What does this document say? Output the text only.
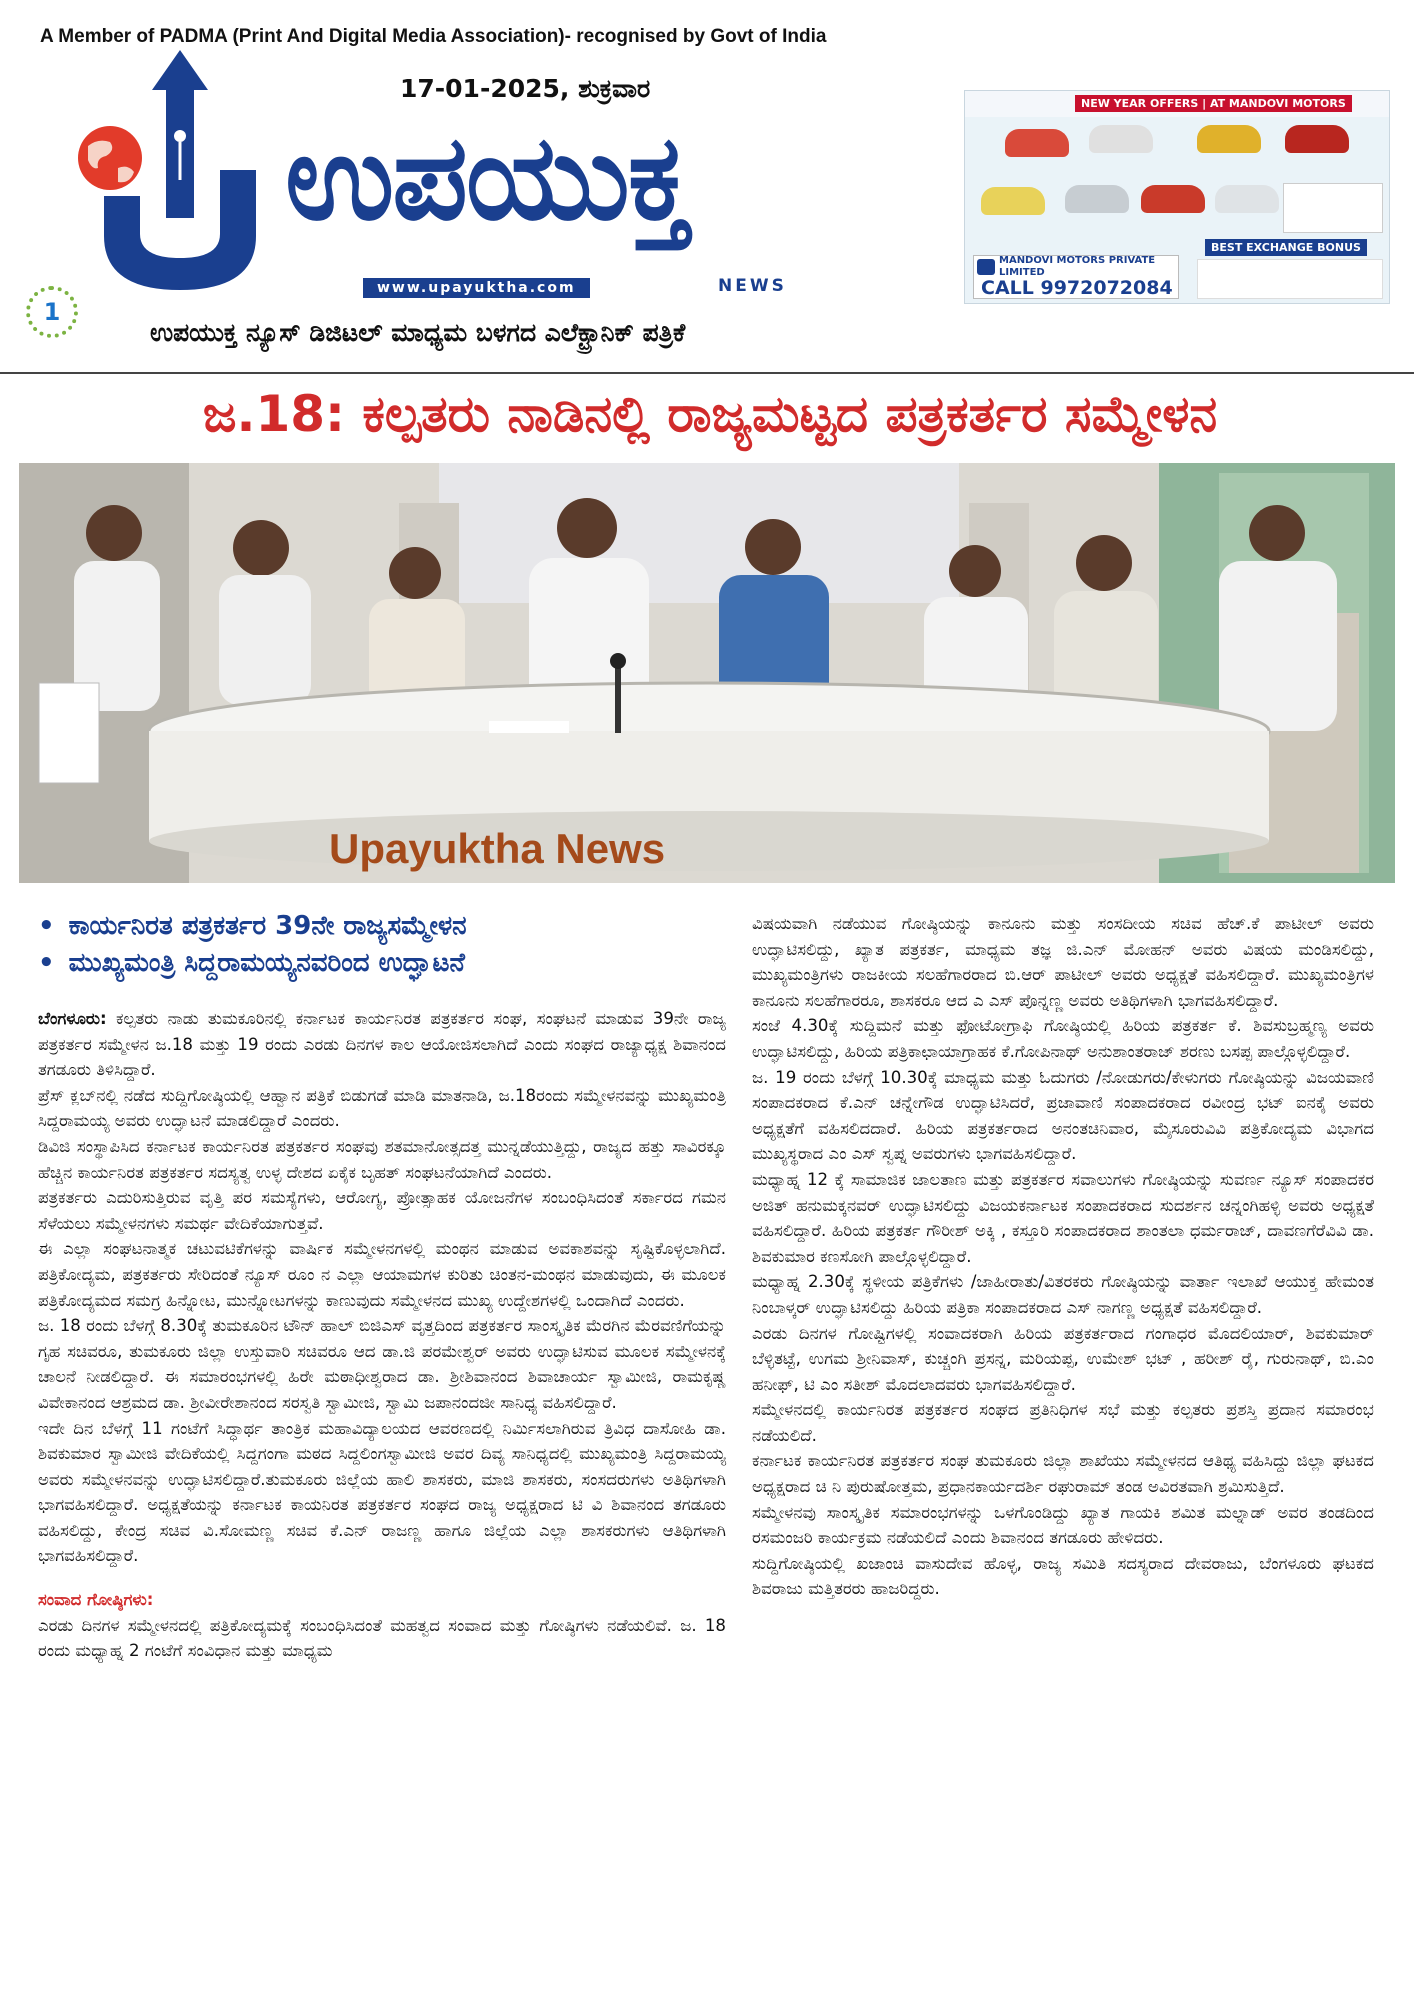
A Member of PADMA (Print And Digital Media Association)- recognised by Govt of India
17-01-2025, ಶುಕ್ರವಾರ
ಉಪಯುಕ್ತ
www.upayuktha.com	NEWS
1
ಉಪಯುಕ್ತ ನ್ಯೂಸ್ ಡಿಜಿಟಲ್ ಮಾಧ್ಯಮ ಬಳಗದ ಎಲೆಕ್ಟ್ರಾನಿಕ್ ಪತ್ರಿಕೆ
NEW YEAR OFFERS | AT MANDOVI MOTORS
MANDOVI MOTORS PRIVATE LIMITED
CALL 9972072084
BEST EXCHANGE BONUS
ಜ.18: ಕಲ್ಪತರು ನಾಡಿನಲ್ಲಿ ರಾಜ್ಯಮಟ್ಟದ ಪತ್ರಕರ್ತರ ಸಮ್ಮೇಳನ
Upayuktha News
• ಕಾರ್ಯನಿರತ ಪತ್ರಕರ್ತರ 39ನೇ ರಾಜ್ಯಸಮ್ಮೇಳನ
• ಮುಖ್ಯಮಂತ್ರಿ ಸಿದ್ದರಾಮಯ್ಯನವರಿಂದ ಉದ್ಘಾಟನೆ

ಬೆಂಗಳೂರು: ಕಲ್ಪತರು ನಾಡು ತುಮಕೂರಿನಲ್ಲಿ ಕರ್ನಾಟಕ ಕಾರ್ಯನಿರತ ಪತ್ರಕರ್ತರ ಸಂಘ, ಸಂಘಟನೆ ಮಾಡುವ 39ನೇ ರಾಜ್ಯ ಪತ್ರಕರ್ತರ ಸಮ್ಮೇಳನ ಜ.18 ಮತ್ತು 19 ರಂದು ಎರಡು ದಿನಗಳ ಕಾಲ ಆಯೋಜಿಸಲಾಗಿದೆ ಎಂದು ಸಂಘದ ರಾಜ್ಯಾಧ್ಯಕ್ಷ ಶಿವಾನಂದ ತಗಡೂರು ತಿಳಿಸಿದ್ದಾರೆ.

ಪ್ರೆಸ್ ಕ್ಲಬ್‌ನಲ್ಲಿ ನಡೆದ ಸುದ್ದಿಗೋಷ್ಠಿಯಲ್ಲಿ ಆಹ್ವಾನ ಪತ್ರಿಕೆ ಬಿಡುಗಡೆ ಮಾಡಿ ಮಾತನಾಡಿ, ಜ.18ರಂದು ಸಮ್ಮೇಳನವನ್ನು ಮುಖ್ಯಮಂತ್ರಿ ಸಿದ್ದರಾಮಯ್ಯ ಅವರು ಉದ್ಘಾಟನೆ ಮಾಡಲಿದ್ದಾರೆ ಎಂದರು.

ಡಿವಿಜಿ ಸಂಸ್ಥಾಪಿಸಿದ ಕರ್ನಾಟಕ ಕಾರ್ಯನಿರತ ಪತ್ರಕರ್ತರ ಸಂಘವು ಶತಮಾನೋತ್ಸದತ್ತ ಮುನ್ನಡೆಯುತ್ತಿದ್ದು, ರಾಜ್ಯದ ಹತ್ತು ಸಾವಿರಕ್ಕೂ ಹೆಚ್ಚಿನ ಕಾರ್ಯನಿರತ ಪತ್ರಕರ್ತರ ಸದಸ್ಯತ್ವ ಉಳ್ಳ ದೇಶದ ಏಕೈಕ ಬೃಹತ್ ಸಂಘಟನೆಯಾಗಿದೆ ಎಂದರು.

ಪತ್ರಕರ್ತರು ಎದುರಿಸುತ್ತಿರುವ ವೃತ್ತಿ ಪರ ಸಮಸ್ಯೆಗಳು, ಆರೋಗ್ಯ, ಪ್ರೋತ್ಸಾಹಕ ಯೋಜನೆಗಳ ಸಂಬಂಧಿಸಿದಂತೆ ಸರ್ಕಾರದ ಗಮನ ಸೆಳೆಯಲು ಸಮ್ಮೇಳನಗಳು ಸಮರ್ಥ ವೇದಿಕೆಯಾಗುತ್ತವೆ.

ಈ ಎಲ್ಲಾ ಸಂಘಟನಾತ್ಮಕ ಚಟುವಟಿಕೆಗಳನ್ನು ವಾರ್ಷಿಕ ಸಮ್ಮೇಳನಗಳಲ್ಲಿ ಮಂಥನ ಮಾಡುವ ಅವಕಾಶವನ್ನು ಸೃಷ್ಟಿಕೊಳ್ಳಲಾಗಿದೆ. ಪತ್ರಿಕೋದ್ಯಮ, ಪತ್ರಕರ್ತರು ಸೇರಿದಂತೆ ನ್ಯೂಸ್ ರೂಂ ನ ಎಲ್ಲಾ ಆಯಾಮಗಳ ಕುರಿತು ಚಿಂತನ-ಮಂಥನ ಮಾಡುವುದು, ಈ ಮೂಲಕ ಪತ್ರಿಕೋದ್ಯಮದ ಸಮಗ್ರ ಹಿನ್ನೋಟ, ಮುನ್ನೋಟಗಳನ್ನು ಕಾಣುವುದು ಸಮ್ಮೇಳನದ ಮುಖ್ಯ ಉದ್ದೇಶಗಳಲ್ಲಿ ಒಂದಾಗಿದೆ ಎಂದರು.

ಜ. 18 ರಂದು ಬೆಳಗ್ಗೆ 8.30ಕ್ಕೆ ತುಮಕೂರಿನ ಟೌನ್ ಹಾಲ್ ಬಿಜಿಎಸ್ ವೃತ್ತದಿಂದ ಪತ್ರಕರ್ತರ ಸಾಂಸ್ಕೃತಿಕ ಮೆರಗಿನ ಮೆರವಣಿಗೆಯನ್ನು ಗೃಹ ಸಚಿವರೂ, ತುಮಕೂರು ಜಿಲ್ಲಾ ಉಸ್ತುವಾರಿ ಸಚಿವರೂ ಆದ ಡಾ.ಜಿ ಪರಮೇಶ್ವರ್ ಅವರು ಉದ್ಘಾಟಿಸುವ ಮೂಲಕ ಸಮ್ಮೇಳನಕ್ಕೆ ಚಾಲನೆ ನೀಡಲಿದ್ದಾರೆ. ಈ ಸಮಾರಂಭಗಳಲ್ಲಿ ಹಿರೇ ಮಠಾಧೀಶ್ವರಾದ ಡಾ. ಶ್ರೀಶಿವಾನಂದ ಶಿವಾಚಾರ್ಯ ಸ್ವಾಮೀಜಿ, ರಾಮಕೃಷ್ಣ ವಿವೇಕಾನಂದ ಆಶ್ರಮದ ಡಾ. ಶ್ರೀವೀರೇಶಾನಂದ ಸರಸ್ವತಿ ಸ್ವಾಮೀಜಿ, ಸ್ವಾಮಿ ಜಪಾನಂದಜೀ ಸಾನಿಧ್ಯ ವಹಿಸಲಿದ್ದಾರೆ.

ಇದೇ ದಿನ ಬೆಳಗ್ಗೆ 11 ಗಂಟೆಗೆ ಸಿದ್ಧಾರ್ಥ ತಾಂತ್ರಿಕ ಮಹಾವಿದ್ಯಾಲಯದ ಆವರಣದಲ್ಲಿ ನಿರ್ಮಿಸಲಾಗಿರುವ ತ್ರಿವಿಧ ದಾಸೋಹಿ ಡಾ. ಶಿವಕುಮಾರ ಸ್ವಾಮೀಜಿ ವೇದಿಕೆಯಲ್ಲಿ ಸಿದ್ದಗಂಗಾ ಮಠದ ಸಿದ್ದಲಿಂಗಸ್ವಾಮೀಜಿ ಅವರ ದಿವ್ಯ ಸಾನಿಧ್ಯದಲ್ಲಿ ಮುಖ್ಯಮಂತ್ರಿ ಸಿದ್ದರಾಮಯ್ಯ ಅವರು ಸಮ್ಮೇಳನವನ್ನು ಉದ್ಘಾಟಿಸಲಿದ್ದಾರೆ.ತುಮಕೂರು ಜಿಲ್ಲೆಯ ಹಾಲಿ ಶಾಸಕರು, ಮಾಜಿ ಶಾಸಕರು, ಸಂಸದರುಗಳು ಅತಿಥಿಗಳಾಗಿ ಭಾಗವಹಿಸಲಿದ್ದಾರೆ. ಅಧ್ಯಕ್ಷತೆಯನ್ನು ಕರ್ನಾಟಕ ಕಾಯನಿರತ ಪತ್ರಕರ್ತರ ಸಂಘದ ರಾಜ್ಯ ಅಧ್ಯಕ್ಷರಾದ ಟಿ ವಿ ಶಿವಾನಂದ ತಗಡೂರು ವಹಿಸಲಿದ್ದು, ಕೇಂದ್ರ ಸಚಿವ ವಿ.ಸೋಮಣ್ಣ ಸಚಿವ ಕೆ.ಎನ್ ರಾಜಣ್ಣ ಹಾಗೂ ಜಿಲ್ಲೆಯ ಎಲ್ಲಾ ಶಾಸಕರುಗಳು ಆತಿಥಿಗಳಾಗಿ ಭಾಗವಹಿಸಲಿದ್ದಾರೆ.

ಸಂವಾದ ಗೋಷ್ಠಿಗಳು:

ಎರಡು ದಿನಗಳ ಸಮ್ಮೇಳನದಲ್ಲಿ ಪತ್ರಿಕೋದ್ಯಮಕ್ಕೆ ಸಂಬಂಧಿಸಿದಂತೆ ಮಹತ್ವದ ಸಂವಾದ ಮತ್ತು ಗೋಷ್ಠಿಗಳು ನಡೆಯಲಿವೆ. ಜ. 18 ರಂದು ಮಧ್ಯಾಹ್ನ 2 ಗಂಟೆಗೆ ಸಂವಿಧಾನ ಮತ್ತು ಮಾಧ್ಯಮ

ವಿಷಯವಾಗಿ ನಡೆಯುವ ಗೋಷ್ಠಿಯನ್ನು ಕಾನೂನು ಮತ್ತು ಸಂಸದೀಯ ಸಚಿವ ಹೆಚ್.ಕೆ ಪಾಟೀಲ್ ಅವರು ಉದ್ಘಾಟಿಸಲಿದ್ದು, ಖ್ಯಾತ ಪತ್ರಕರ್ತ, ಮಾಧ್ಯಮ ತಜ್ಞ ಜಿ.ಎನ್ ಮೋಹನ್ ಅವರು ವಿಷಯ ಮಂಡಿಸಲಿದ್ದು, ಮುಖ್ಯಮಂತ್ರಿಗಳು ರಾಜಕೀಯ ಸಲಹೆಗಾರರಾದ ಬಿ.ಆರ್ ಪಾಟೀಲ್ ಅವರು ಅಧ್ಯಕ್ಷತೆ ವಹಿಸಲಿದ್ದಾರೆ. ಮುಖ್ಯಮಂತ್ರಿಗಳ ಕಾನೂನು ಸಲಹೆಗಾರರೂ, ಶಾಸಕರೂ ಆದ ಎ ಎಸ್ ಪೊನ್ನಣ್ಣ ಅವರು ಅತಿಥಿಗಳಾಗಿ ಭಾಗವಹಿಸಲಿದ್ದಾರೆ.

ಸಂಜೆ 4.30ಕ್ಕೆ ಸುದ್ದಿಮನೆ ಮತ್ತು ಫೋಟೋಗ್ರಾಫಿ ಗೋಷ್ಠಿಯಲ್ಲಿ ಹಿರಿಯ ಪತ್ರಕರ್ತ ಕೆ. ಶಿವಸುಬ್ರಹ್ಮಣ್ಯ ಅವರು ಉದ್ಘಾಟಿಸಲಿದ್ದು, ಹಿರಿಯ ಪತ್ರಿಕಾಛಾಯಾಗ್ರಾಹಕ ಕೆ.ಗೋಪಿನಾಥ್ ಅನುಶಾಂತರಾಜ್ ಶರಣು ಬಸಪ್ಪ ಪಾಲ್ಗೊಳ್ಳಲಿದ್ದಾರೆ.

ಜ. 19 ರಂದು ಬೆಳಗ್ಗೆ 10.30ಕ್ಕೆ ಮಾಧ್ಯಮ ಮತ್ತು ಓದುಗರು /ನೋಡುಗರು/ಕೇಳುಗರು ಗೋಷ್ಠಿಯನ್ನು ವಿಜಯವಾಣಿ ಸಂಪಾದಕರಾದ ಕೆ.ಎನ್ ಚನ್ನೇಗೌಡ ಉದ್ಘಾಟಿಸಿದರೆ, ಪ್ರಜಾವಾಣಿ ಸಂಪಾದಕರಾದ ರವೀಂದ್ರ ಭಟ್ ಐನಕೈ ಅವರು ಅಧ್ಯಕ್ಷತೆಗೆ ವಹಿಸಲಿದದಾರೆ. ಹಿರಿಯ ಪತ್ರಕರ್ತರಾದ ಅನಂತಚಿನಿವಾರ, ಮೈಸೂರುವಿವಿ ಪತ್ರಿಕೋದ್ಯಮ ವಿಭಾಗದ ಮುಖ್ಯಸ್ಥರಾದ ಎಂ ಎಸ್ ಸ್ವಪ್ನ ಅವರುಗಳು ಭಾಗವಹಿಸಲಿದ್ದಾರೆ.

ಮಧ್ಯಾಹ್ನ 12 ಕ್ಕೆ ಸಾಮಾಜಿಕ ಜಾಲತಾಣ ಮತ್ತು ಪತ್ರಕರ್ತರ ಸವಾಲುಗಳು ಗೋಷ್ಠಿಯನ್ನು ಸುವರ್ಣ ನ್ಯೂಸ್ ಸಂಪಾದಕರ ಅಜಿತ್ ಹನುಮಕ್ಕನವರ್ ಉದ್ಘಾಟಿಸಲಿದ್ದು ವಿಜಯಕರ್ನಾಟಕ ಸಂಪಾದಕರಾದ ಸುದರ್ಶನ ಚನ್ನಂಗಿಹಳ್ಳಿ ಅವರು ಅಧ್ಯಕ್ಷತೆ ವಹಿಸಲಿದ್ದಾರೆ. ಹಿರಿಯ ಪತ್ರಕರ್ತ ಗೌರೀಶ್ ಅಕ್ಕಿ , ಕಸ್ತೂರಿ ಸಂಪಾದಕರಾದ ಶಾಂತಲಾ ಧರ್ಮರಾಜ್, ದಾವಣಗೆರೆವಿವಿ ಡಾ. ಶಿವಕುಮಾರ ಕಣಸೋಗಿ ಪಾಲ್ಗೊಳ್ಳಲಿದ್ದಾರೆ.

ಮಧ್ಯಾಹ್ನ 2.30ಕ್ಕೆ ಸ್ಥಳೀಯ ಪತ್ರಿಕೆಗಳು /ಜಾಹೀರಾತು/ವಿತರಕರು ಗೋಷ್ಠಿಯನ್ನು ವಾರ್ತಾ ಇಲಾಖೆ ಆಯುಕ್ತ ಹೇಮಂತ ನಿಂಬಾಳ್ಕರ್ ಉದ್ಘಾಟಿಸಲಿದ್ದು ಹಿರಿಯ ಪತ್ರಿಕಾ ಸಂಪಾದಕರಾದ ಎಸ್ ನಾಗಣ್ಣ ಅಧ್ಯಕ್ಷತೆ ವಹಿಸಲಿದ್ದಾರೆ.

ಎರಡು ದಿನಗಳ ಗೋಷ್ಟಿಗಳಲ್ಲಿ ಸಂವಾದಕರಾಗಿ ಹಿರಿಯ ಪತ್ರಕರ್ತರಾದ ಗಂಗಾಧರ ಮೊದಲಿಯಾರ್, ಶಿವಕುಮಾರ್ ಬೆಳ್ಳಿತಟ್ಟೆ, ಉಗಮ ಶ್ರೀನಿವಾಸ್, ಕುಚ್ಚಂಗಿ ಪ್ರಸನ್ನ, ಮರಿಯಪ್ಪ, ಉಮೇಶ್ ಭಟ್ , ಹರೀಶ್ ರೈ, ಗುರುನಾಥ್, ಬಿ.ಎಂ ಹನೀಫ್, ಟಿ ಎಂ ಸತೀಶ್ ಮೊದಲಾದವರು ಭಾಗವಹಿಸಲಿದ್ದಾರೆ.

ಸಮ್ಮೇಳನದಲ್ಲಿ ಕಾರ್ಯನಿರತ ಪತ್ರಕರ್ತರ ಸಂಘದ ಪ್ರತಿನಿಧಿಗಳ ಸಭೆ ಮತ್ತು ಕಲ್ಪತರು ಪ್ರಶಸ್ತಿ ಪ್ರದಾನ ಸಮಾರಂಭ ನಡೆಯಲಿದೆ.

ಕರ್ನಾಟಕ ಕಾರ್ಯನಿರತ ಪತ್ರಕರ್ತರ ಸಂಘ ತುಮಕೂರು ಜಿಲ್ಲಾ ಶಾಖೆಯು ಸಮ್ಮೇಳನದ ಆತಿಥ್ಯ ವಹಿಸಿದ್ದು ಜಿಲ್ಲಾ ಘಟಕದ ಅಧ್ಯಕ್ಷರಾದ ಚಿ ನಿ ಪುರುಷೋತ್ತಮ, ಪ್ರಧಾನಕಾರ್ಯದರ್ಶಿ ರಘುರಾಮ್ ತಂಡ ಅವಿರತವಾಗಿ ಶ್ರಮಿಸುತ್ತಿದೆ.

ಸಮ್ಮೇಳನವು ಸಾಂಸ್ಕೃತಿಕ ಸಮಾರಂಭಗಳನ್ನು ಒಳಗೊಂಡಿದ್ದು ಖ್ಯಾತ ಗಾಯಕಿ ಶಮಿತ ಮಲ್ನಾಡ್ ಅವರ ತಂಡದಿಂದ ರಸಮಂಜರಿ ಕಾರ್ಯಕ್ರಮ ನಡೆಯಲಿದೆ ಎಂದು ಶಿವಾನಂದ ತಗಡೂರು ಹೇಳಿದರು.

ಸುದ್ದಿಗೋಷ್ಠಿಯಲ್ಲಿ ಖಜಾಂಚಿ ವಾಸುದೇವ ಹೊಳ್ಳ, ರಾಜ್ಯ ಸಮಿತಿ ಸದಸ್ಯರಾದ ದೇವರಾಜು, ಬೆಂಗಳೂರು ಘಟಕದ ಶಿವರಾಜು ಮತ್ತಿತರರು ಹಾಜರಿದ್ದರು.
